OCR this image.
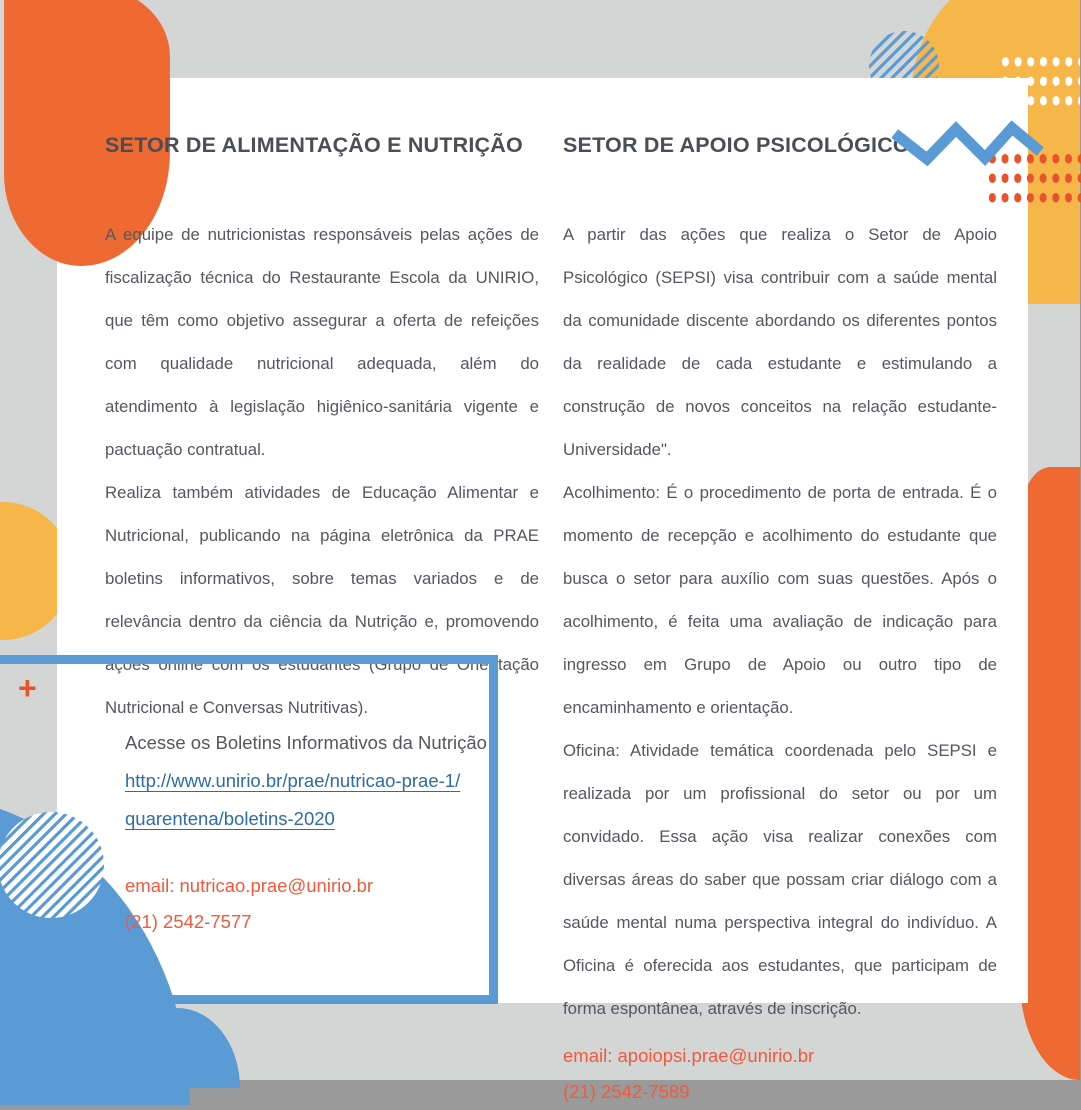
+
SETOR DE ALIMENTAÇÃO E NUTRIÇÃO

A equipe de nutricionistas responsáveis pelas ações de fiscalização técnica do Restaurante Escola da UNIRIO, que têm como objetivo assegurar a oferta de refeições com qualidade nutricional adequada, além do atendimento à legislação higiênico-sanitária vigente e pactuação contratual.

Realiza também atividades de Educação Alimentar e Nutricional, publicando na página eletrônica da PRAE boletins informativos, sobre temas variados e de relevância dentro da ciência da Nutrição e, promovendo ações online com os estudantes (Grupo de Orientação Nutricional e Conversas Nutritivas).

Acesse os Boletins Informativos da Nutrição
http://www.unirio.br/prae/nutricao-prae-1/
quarentena/boletins-2020
email: nutricao.prae@unirio.br
(21) 2542-7577
SETOR DE APOIO PSICOLÓGICO

A partir das ações que realiza o Setor de Apoio Psicológico (SEPSI) visa contribuir com a saúde mental da comunidade discente abordando os diferentes pontos da realidade de cada estudante e estimulando a construção de novos conceitos na relação estudante-Universidade".

Acolhimento: É o procedimento de porta de entrada. É o momento de recepção e acolhimento do estudante que busca o setor para auxílio com suas questões. Após o acolhimento, é feita uma avaliação de indicação para ingresso em Grupo de Apoio ou outro tipo de encaminhamento e orientação.

Oficina: Atividade temática coordenada pelo SEPSI e realizada por um profissional do setor ou por um convidado. Essa ação visa realizar conexões com diversas áreas do saber que possam criar diálogo com a saúde mental numa perspectiva integral do indivíduo. A Oficina é oferecida aos estudantes, que participam de forma espontânea, através de inscrição.

email: apoiopsi.prae@unirio.br
(21) 2542-7589
